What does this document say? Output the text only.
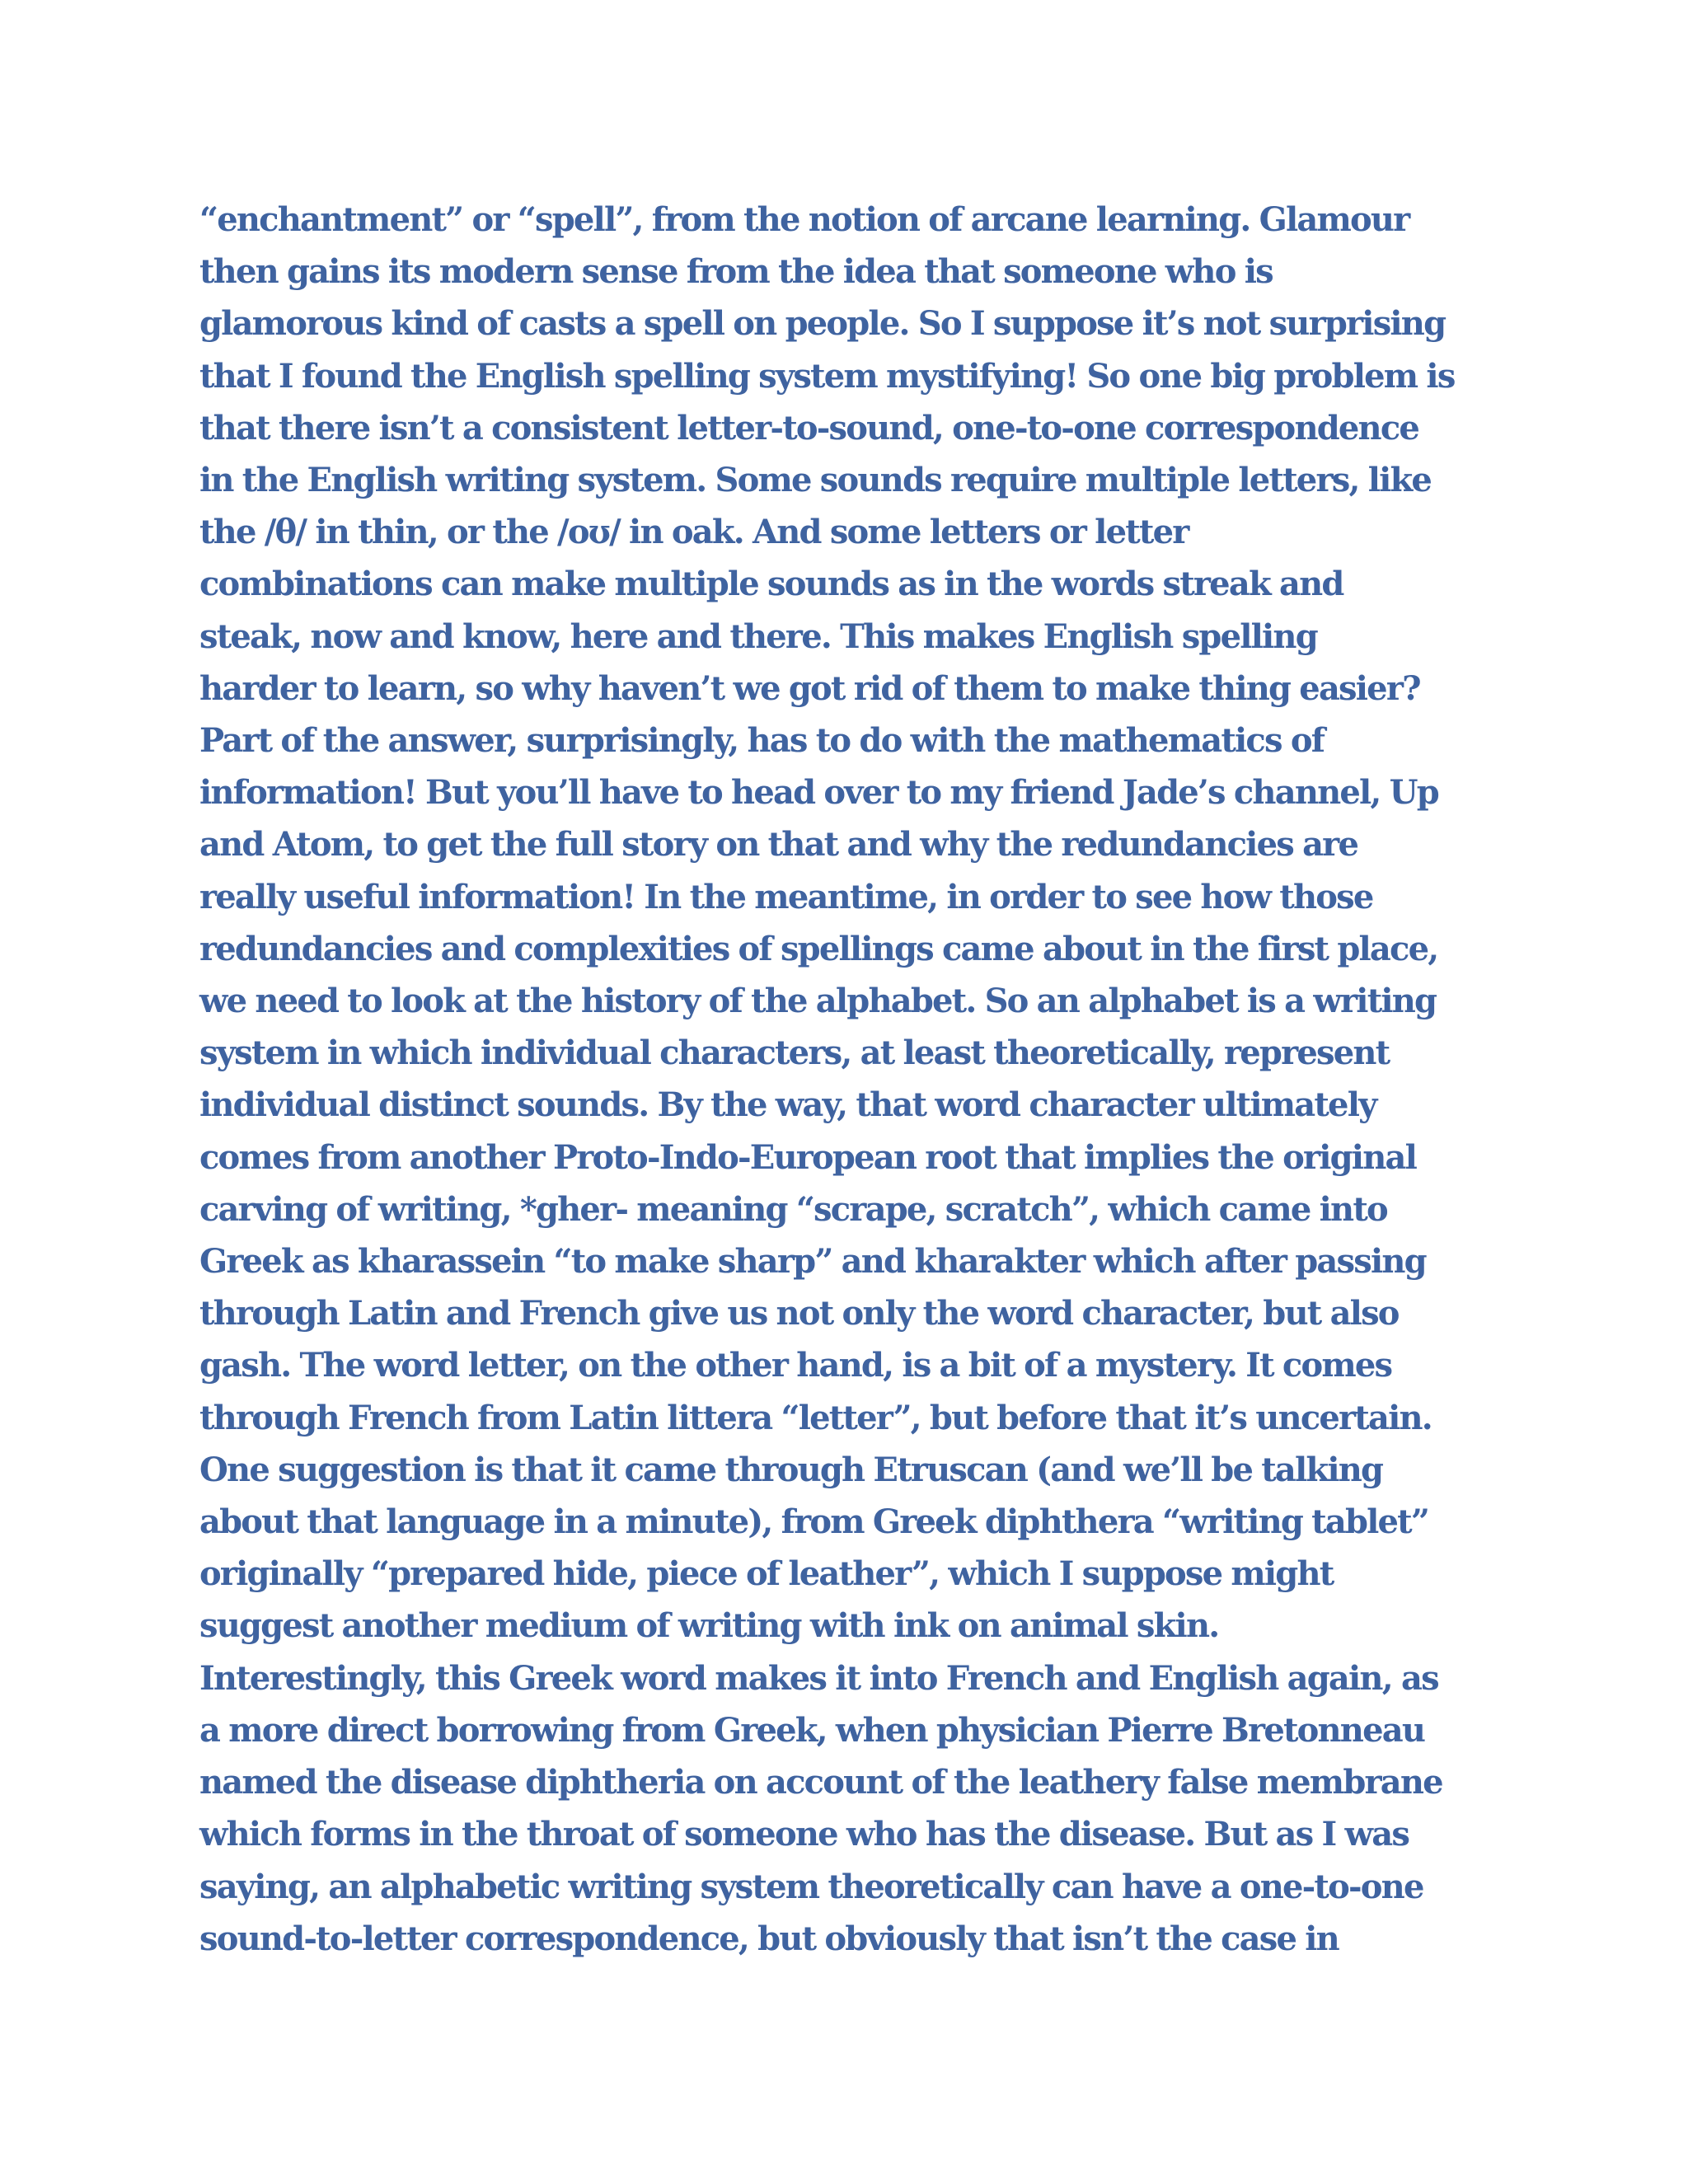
“enchantment” or “spell”, from the notion of arcane learning. Glamour
then gains its modern sense from the idea that someone who is
glamorous kind of casts a spell on people. So I suppose it’s not surprising
that I found the English spelling system mystifying! So one big problem is
that there isn’t a consistent letter-to-sound, one-to-one correspondence
in the English writing system. Some sounds require multiple letters, like
the /θ/ in thin, or the /oʊ/ in oak. And some letters or letter
combinations can make multiple sounds as in the words streak and
steak, now and know, here and there. This makes English spelling
harder to learn, so why haven’t we got rid of them to make thing easier?
Part of the answer, surprisingly, has to do with the mathematics of
information! But you’ll have to head over to my friend Jade’s channel, Up
and Atom, to get the full story on that and why the redundancies are
really useful information! In the meantime, in order to see how those
redundancies and complexities of spellings came about in the first place,
we need to look at the history of the alphabet. So an alphabet is a writing
system in which individual characters, at least theoretically, represent
individual distinct sounds. By the way, that word character ultimately
comes from another Proto-Indo-European root that implies the original
carving of writing, *gher- meaning “scrape, scratch”, which came into
Greek as kharassein “to make sharp” and kharakter which after passing
through Latin and French give us not only the word character, but also
gash. The word letter, on the other hand, is a bit of a mystery. It comes
through French from Latin littera “letter”, but before that it’s uncertain.
One suggestion is that it came through Etruscan (and we’ll be talking
about that language in a minute), from Greek diphthera “writing tablet”
originally “prepared hide, piece of leather”, which I suppose might
suggest another medium of writing with ink on animal skin.
Interestingly, this Greek word makes it into French and English again, as
a more direct borrowing from Greek, when physician Pierre Bretonneau
named the disease diphtheria on account of the leathery false membrane
which forms in the throat of someone who has the disease. But as I was
saying, an alphabetic writing system theoretically can have a one-to-one
sound-to-letter correspondence, but obviously that isn’t the case in
